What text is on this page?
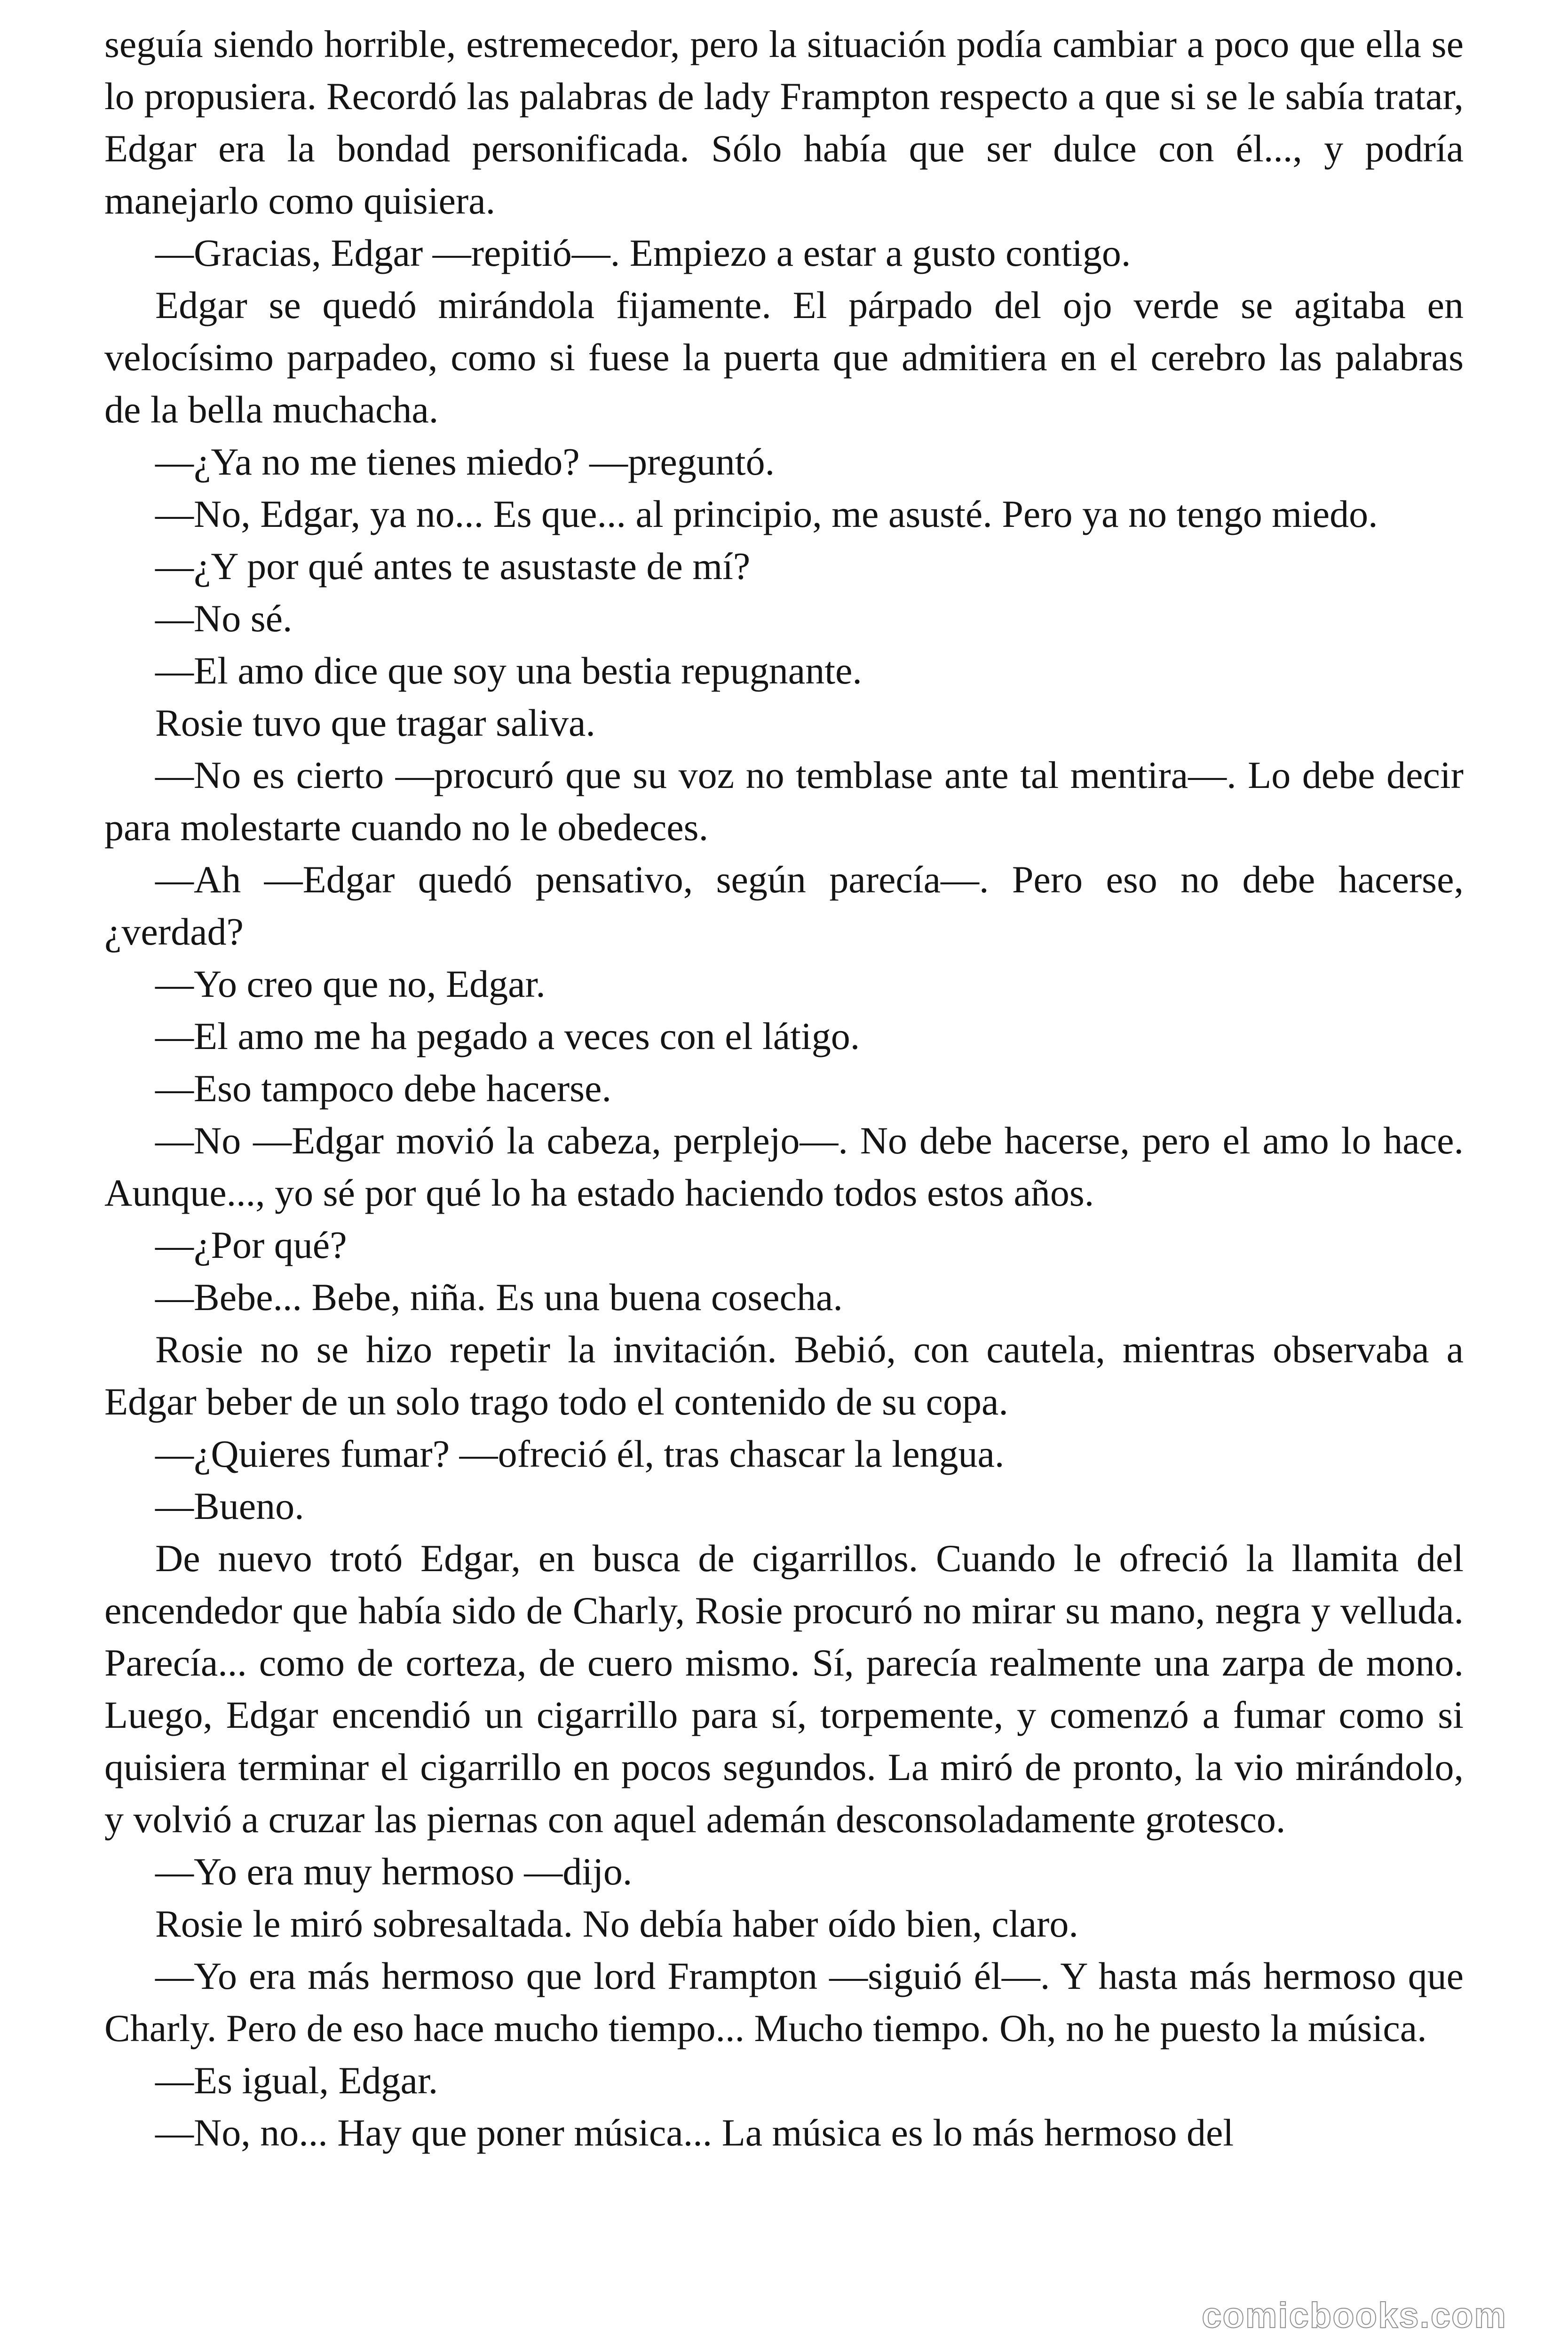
seguía siendo horrible, estremecedor, pero la situación podía cambiar a poco que ella se lo propusiera. Recordó las palabras de lady Frampton respecto a que si se le sabía tratar, Edgar era la bondad personificada. Sólo había que ser dulce con él..., y podría manejarlo como quisiera.

—Gracias, Edgar —repitió—. Empiezo a estar a gusto contigo.

Edgar se quedó mirándola fijamente. El párpado del ojo verde se agitaba en velocísimo parpadeo, como si fuese la puerta que admitiera en el cerebro las palabras de la bella muchacha.

—¿Ya no me tienes miedo? —preguntó.

—No, Edgar, ya no... Es que... al principio, me asusté. Pero ya no tengo miedo.

—¿Y por qué antes te asustaste de mí?

—No sé.

—El amo dice que soy una bestia repugnante.

Rosie tuvo que tragar saliva.

—No es cierto —procuró que su voz no temblase ante tal mentira—. Lo debe decir para molestarte cuando no le obedeces.

—Ah —Edgar quedó pensativo, según parecía—. Pero eso no debe hacerse, ¿verdad?

—Yo creo que no, Edgar.

—El amo me ha pegado a veces con el látigo.

—Eso tampoco debe hacerse.

—No —Edgar movió la cabeza, perplejo—. No debe hacerse, pero el amo lo hace. Aunque..., yo sé por qué lo ha estado haciendo todos estos años.

—¿Por qué?

—Bebe... Bebe, niña. Es una buena cosecha.

Rosie no se hizo repetir la invitación. Bebió, con cautela, mientras observaba a Edgar beber de un solo trago todo el contenido de su copa.

—¿Quieres fumar? —ofreció él, tras chascar la lengua.

—Bueno.

De nuevo trotó Edgar, en busca de cigarrillos. Cuando le ofreció la llamita del encendedor que había sido de Charly, Rosie procuró no mirar su mano, negra y velluda. Parecía... como de corteza, de cuero mismo. Sí, parecía realmente una zarpa de mono. Luego, Edgar encendió un cigarrillo para sí, torpemente, y comenzó a fumar como si quisiera terminar el cigarrillo en pocos segundos. La miró de pronto, la vio mirándolo, y volvió a cruzar las piernas con aquel ademán desconsoladamente grotesco.

—Yo era muy hermoso —dijo.

Rosie le miró sobresaltada. No debía haber oído bien, claro.

—Yo era más hermoso que lord Frampton —siguió él—. Y hasta más hermoso que Charly. Pero de eso hace mucho tiempo... Mucho tiempo. Oh, no he puesto la música.

—Es igual, Edgar.

—No, no... Hay que poner música... La música es lo más hermoso del

comicbooks.com
